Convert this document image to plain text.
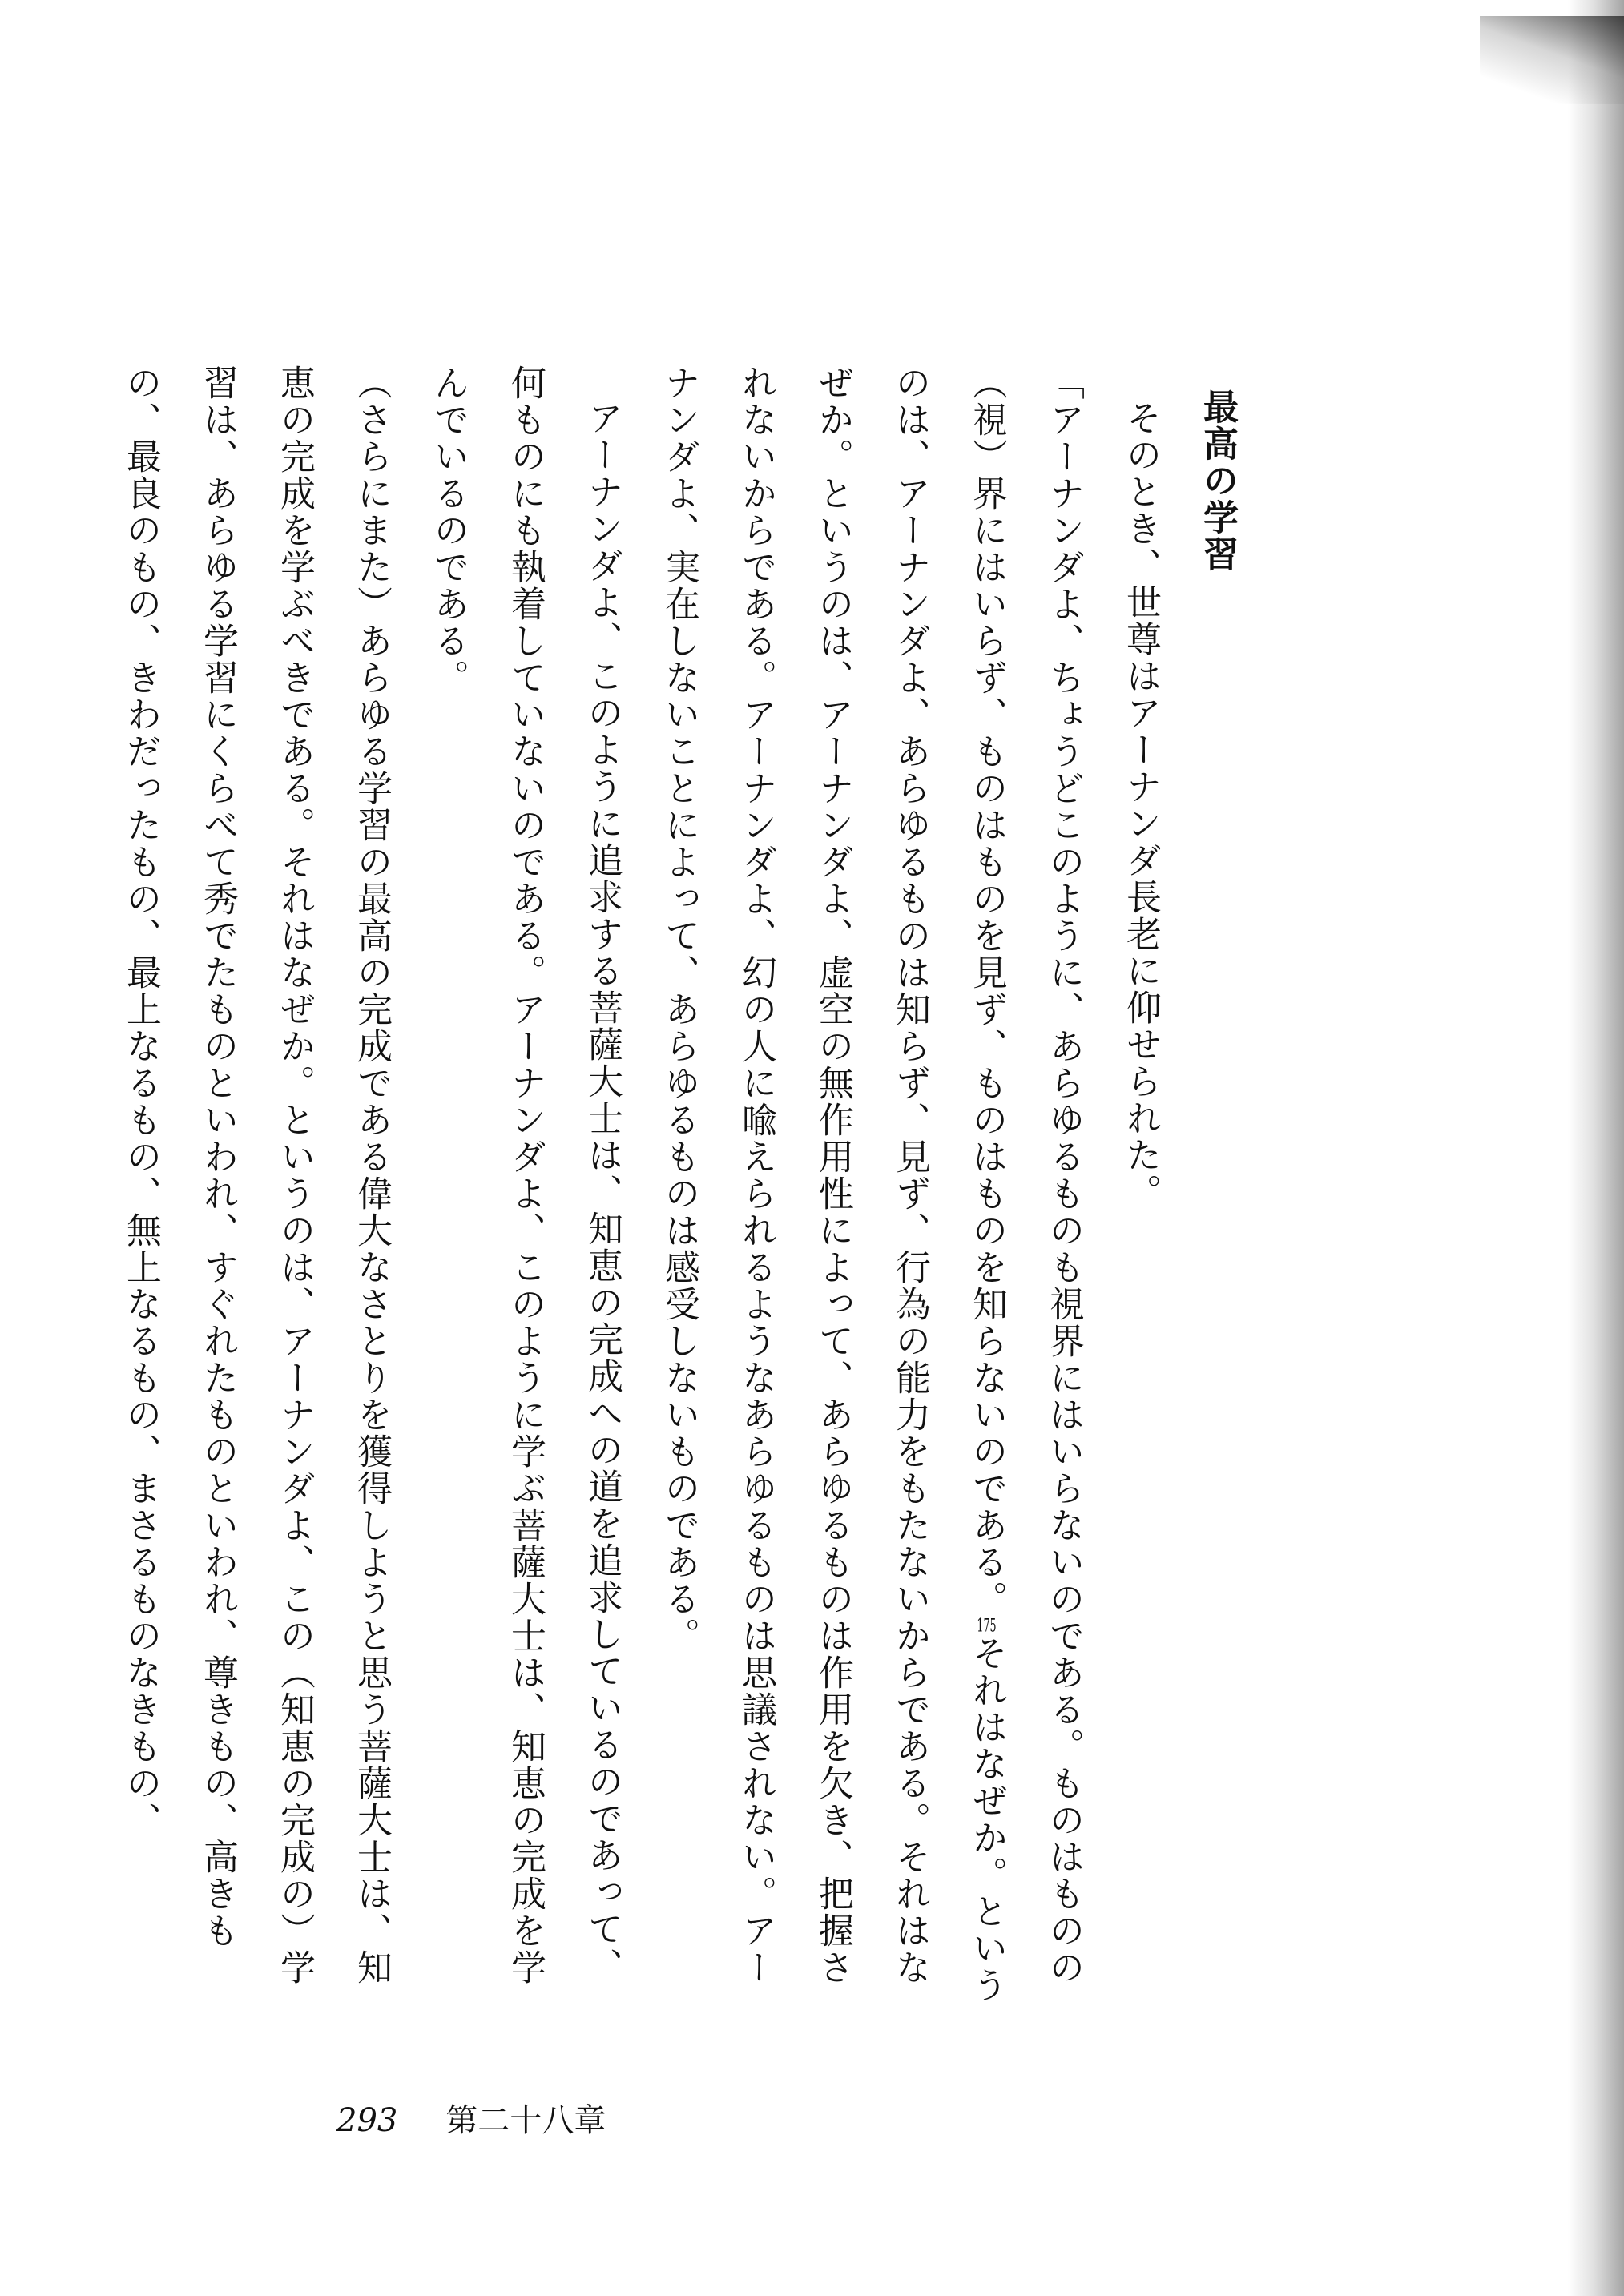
最高の学習

そのとき、世尊はアーナンダ長老に仰せられた。

「アーナンダよ、ちょうどこのように、あらゆるものも視界にはいらないのである。ものはものの（視）界にはいらず、ものはものを見ず、ものはものを知らないのである。175それはなぜか。というのは、アーナンダよ、あらゆるものは知らず、見ず、行為の能力をもたないからである。それはなぜか。というのは、アーナンダよ、虚空の無作用性によって、あらゆるものは作用を欠き、把握されないからである。アーナンダよ、幻の人に喩えられるようなあらゆるものは思議されない。アーナンダよ、実在しないことによって、あらゆるものは感受しないものである。

アーナンダよ、このように追求する菩薩大士は、知恵の完成への道を追求しているのであって、何ものにも執着していないのである。アーナンダよ、このように学ぶ菩薩大士は、知恵の完成を学んでいるのである。

（さらにまた）あらゆる学習の最高の完成である偉大なさとりを獲得しようと思う菩薩大士は、知恵の完成を学ぶべきである。それはなぜか。というのは、アーナンダよ、この（知恵の完成の）学習は、あらゆる学習にくらべて秀でたものといわれ、すぐれたものといわれ、尊きもの、高きもの、最良のもの、きわだったもの、最上なるもの、無上なるもの、まさるものなきもの、

293 第二十八章
